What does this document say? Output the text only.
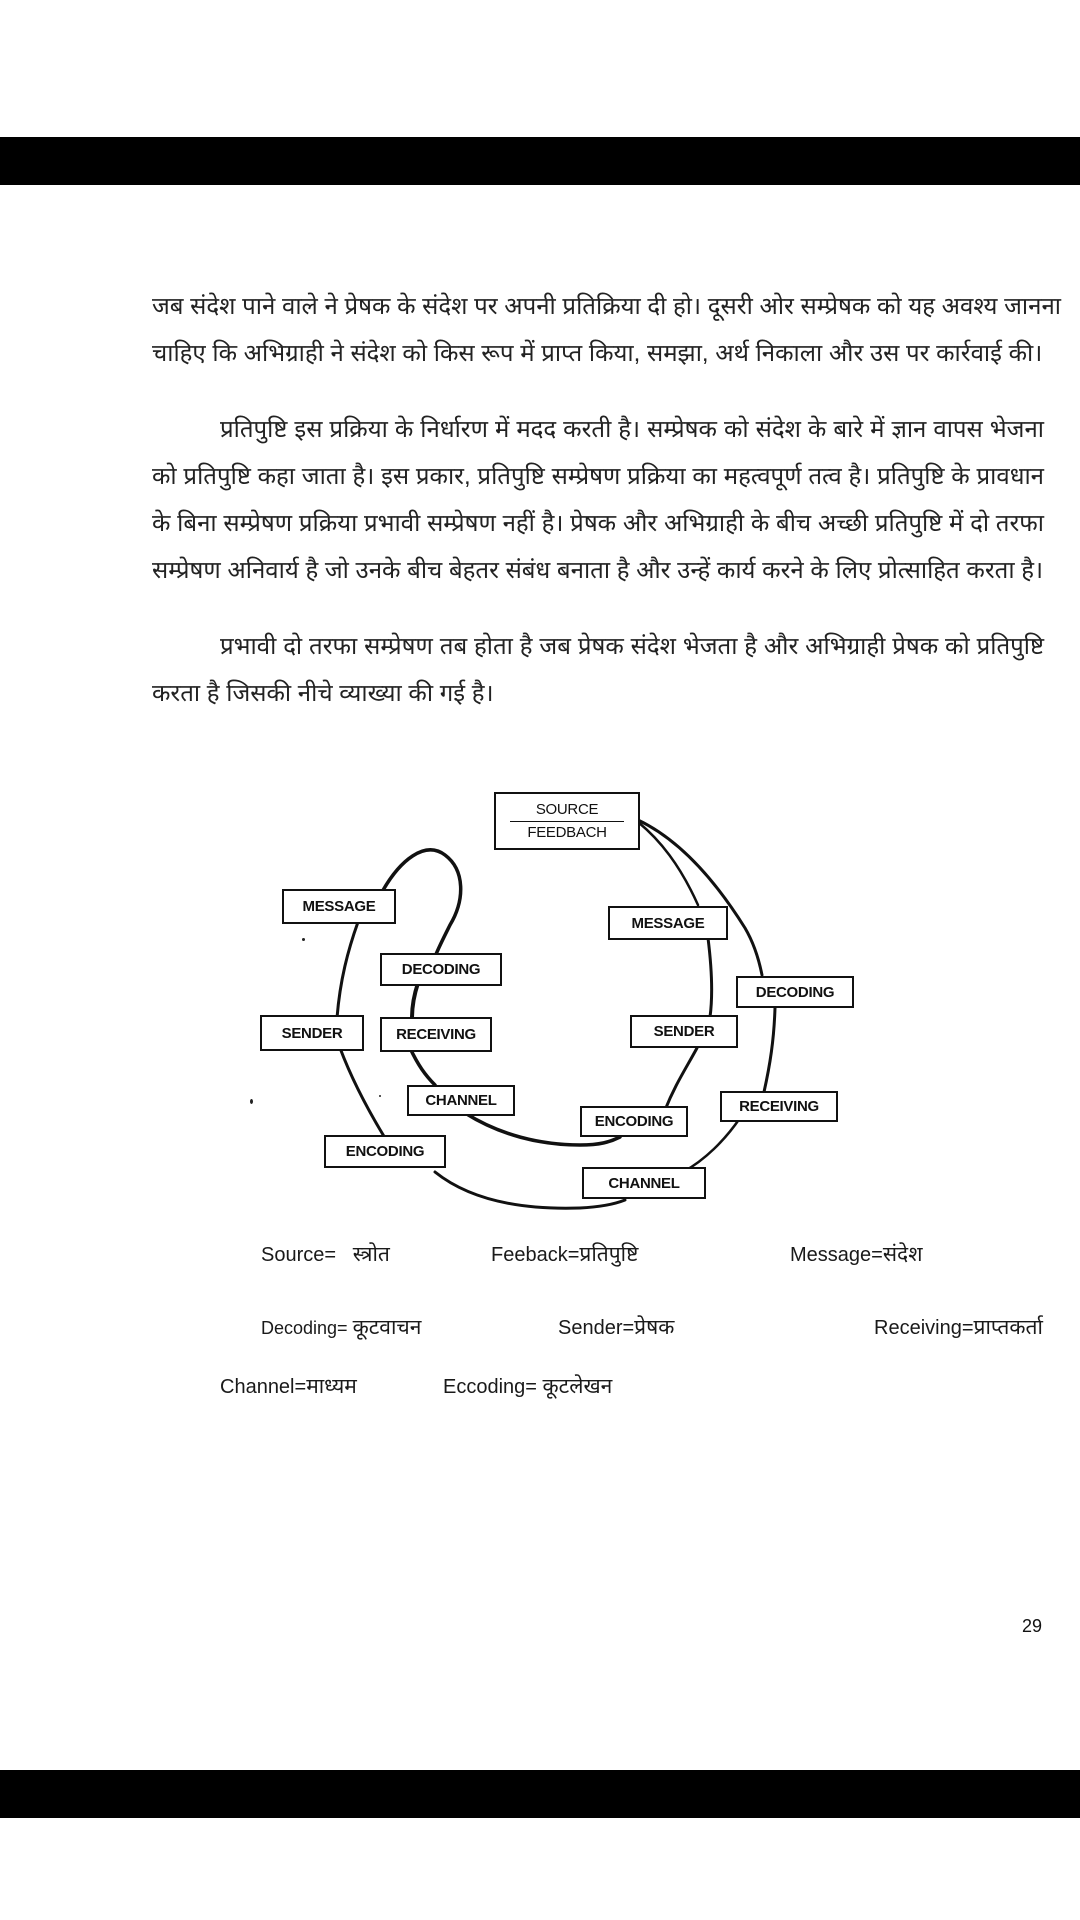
जब संदेश पाने वाले ने प्रेषक के संदेश पर अपनी प्रतिक्रिया दी हो। दूसरी ओर सम्प्रेषक को यह अवश्य जानना
चाहिए कि अभिग्राही ने संदेश को किस रूप में प्राप्त किया, समझा, अर्थ निकाला और उस पर कार्रवाई की।
प्रतिपुष्टि इस प्रक्रिया के निर्धारण में मदद करती है। सम्प्रेषक को संदेश के बारे में ज्ञान वापस भेजना
को प्रतिपुष्टि कहा जाता है। इस प्रकार, प्रतिपुष्टि सम्प्रेषण प्रक्रिया का महत्वपूर्ण तत्व है। प्रतिपुष्टि के प्रावधान
के बिना सम्प्रेषण प्रक्रिया प्रभावी सम्प्रेषण नहीं है। प्रेषक और अभिग्राही के बीच अच्छी प्रतिपुष्टि में दो तरफा
सम्प्रेषण अनिवार्य है जो उनके बीच बेहतर संबंध बनाता है और उन्हें कार्य करने के लिए प्रोत्साहित करता है।
प्रभावी दो तरफा सम्प्रेषण तब होता है जब प्रेषक संदेश भेजता है और अभिग्राही प्रेषक को प्रतिपुष्टि
करता है जिसकी नीचे व्याख्या की गई है।
SOURCE
FEEDBACH
MESSAGE
DECODING
SENDER	RECEIVING
CHANNEL
ENCODING
MESSAGE
DECODING
SENDER
RECEIVING
ENCODING
CHANNEL
Source= स्त्रोत	Feeback=प्रतिपुष्टि	Message=संदेश
Decoding= कूटवाचन	Sender=प्रेषक	Receiving=प्राप्तकर्ता
Channel=माध्यम	Eccoding= कूटलेखन
29
